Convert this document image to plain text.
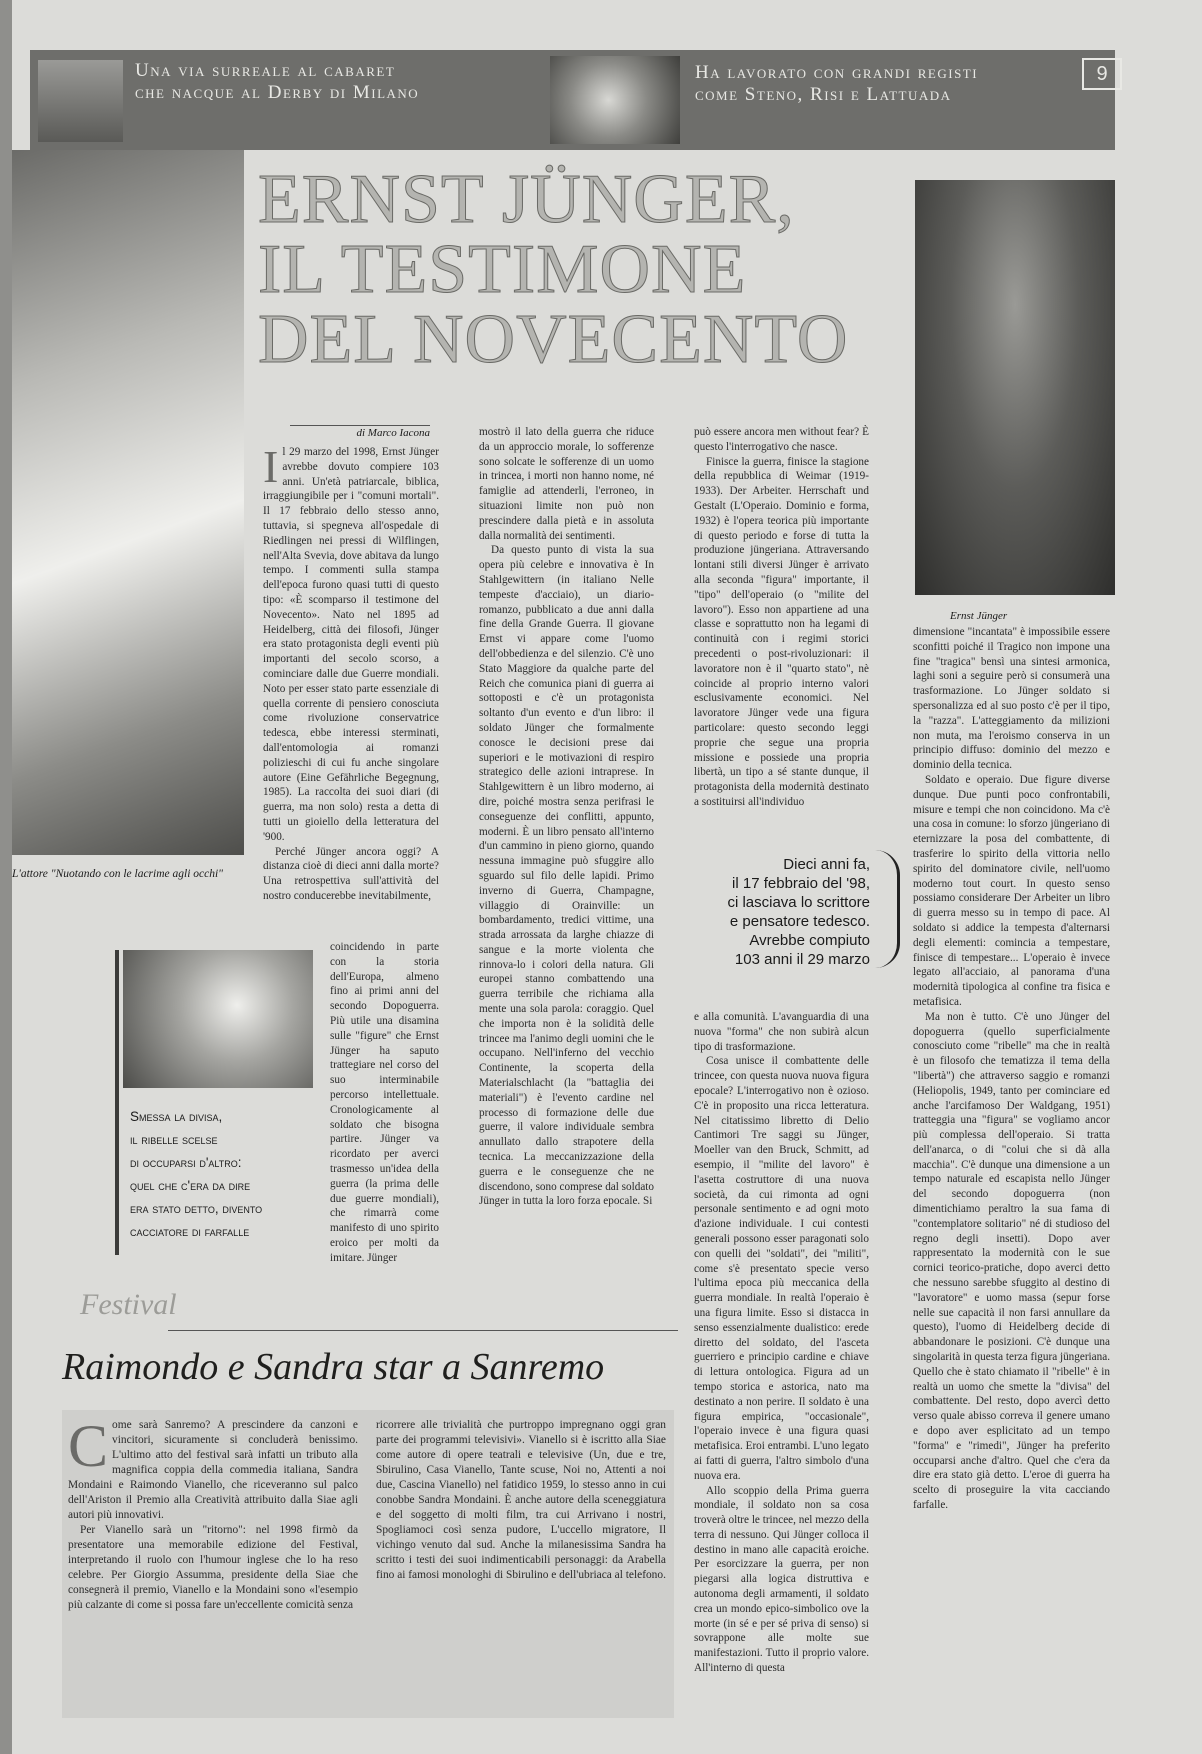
Una via surreale al cabaret
che nacque al Derby di Milano
Ha lavorato con grandi registi
come Steno, Risi e Lattuada
9
L'attore "Nuotando con le lacrime agli occhi"
ERNST JÜNGER,
IL TESTIMONE
DEL NOVECENTO
Ernst Jünger
di Marco Iacona
I l 29 marzo del 1998, Ernst Jünger avrebbe dovuto compiere 103 anni. Un'età patriarcale, biblica, irraggiungibile per i "comuni mortali". Il 17 febbraio dello stesso anno, tuttavia, si spegneva all'ospedale di Riedlingen nei pressi di Wilflingen, nell'Alta Svevia, dove abitava da lungo tempo. I commenti sulla stampa dell'epoca furono quasi tutti di questo tipo: «È scomparso il testimone del Novecento». Nato nel 1895 ad Heidelberg, città dei filosofi, Jünger era stato protagonista degli eventi più importanti del secolo scorso, a cominciare dalle due Guerre mondiali. Noto per esser stato parte essenziale di quella corrente di pensiero conosciuta come rivoluzione conservatrice tedesca, ebbe interessi sterminati, dall'entomologia ai romanzi polizieschi di cui fu anche singolare autore (Eine Gefährliche Begegnung, 1985). La raccolta dei suoi diari (di guerra, ma non solo) resta a detta di tutti un gioiello della letteratura del '900.

Perché Jünger ancora oggi? A distanza cioè di dieci anni dalla morte? Una retrospettiva sull'attività del nostro conducerebbe inevitabilmente,

coincidendo in parte con la storia dell'Europa, almeno fino ai primi anni del secondo Dopoguerra. Più utile una disamina sulle "figure" che Ernst Jünger ha saputo trattegiare nel corso del suo interminabile percorso intellettuale. Cronologicamente al soldato che bisogna partire. Jünger va ricordato per averci trasmesso un'idea della guerra (la prima delle due guerre mondiali), che rimarrà come manifesto di uno spirito eroico per molti da imitare. Jünger
mostrò il lato della guerra che riduce da un approccio morale, lo sofferenze sono solcate le sofferenze di un uomo in trincea, i morti non hanno nome, né famiglie ad attenderli, l'erroneo, in situazioni limite non può non prescindere dalla pietà e in assoluta dalla normalità dei sentimenti.

Da questo punto di vista la sua opera più celebre e innovativa è In Stahlgewittern (in italiano Nelle tempeste d'acciaio), un diario-romanzo, pubblicato a due anni dalla fine della Grande Guerra. Il giovane Ernst vi appare come l'uomo dell'obbedienza e del silenzio. C'è uno Stato Maggiore da qualche parte del Reich che comunica piani di guerra ai sottoposti e c'è un protagonista soltanto d'un evento e d'un libro: il soldato Jünger che formalmente conosce le decisioni prese dai superiori e le motivazioni di respiro strategico delle azioni intraprese. In Stahlgewittern è un libro moderno, ai dire, poiché mostra senza perifrasi le conseguenze dei conflitti, appunto, moderni. È un libro pensato all'interno d'un cammino in pieno giorno, quando nessuna immagine può sfuggire allo sguardo sul filo delle lapidi. Primo inverno di Guerra, Champagne, villaggio di Orainville: un bombardamento, tredici vittime, una strada arrossata da larghe chiazze di sangue e la morte violenta che rinnova-lo i colori della natura. Gli europei stanno combattendo una guerra terribile che richiama alla mente una sola parola: coraggio. Quel che importa non è la solidità delle trincee ma l'animo degli uomini che le occupano. Nell'inferno del vecchio Continente, la scoperta della Materialschlacht (la "battaglia dei materiali") è l'evento cardine nel processo di formazione delle due guerre, il valore individuale sembra annullato dallo strapotere della tecnica. La meccanizzazione della guerra e le conseguenze che ne discendono, sono comprese dal soldato Jünger in tutta la loro forza epocale. Si

può essere ancora men without fear? È questo l'interrogativo che nasce.

Finisce la guerra, finisce la stagione della repubblica di Weimar (1919-1933). Der Arbeiter. Herrschaft und Gestalt (L'Operaio. Dominio e forma, 1932) è l'opera teorica più importante di questo periodo e forse di tutta la produzione jüngeriana. Attraversando lontani stili diversi Jünger è arrivato alla seconda "figura" importante, il "tipo" dell'operaio (o "milite del lavoro"). Esso non appartiene ad una classe e soprattutto non ha legami di continuità con i regimi storici precedenti o post-rivoluzionari: il lavoratore non è il "quarto stato", nè coincide al proprio interno valori esclusivamente economici. Nel lavoratore Jünger vede una figura particolare: questo secondo leggi proprie che segue una propria missione e possiede una propria libertà, un tipo a sé stante dunque, il protagonista della modernità destinato a sostituirsi all'individuo

Dieci anni fa,
il 17 febbraio del '98,
ci lasciava lo scrittore
e pensatore tedesco.
Avrebbe compiuto
103 anni il 29 marzo
e alla comunità. L'avanguardia di una nuova "forma" che non subirà alcun tipo di trasformazione.

Cosa unisce il combattente delle trincee, con questa nuova nuova figura epocale? L'interrogativo non è ozioso. C'è in proposito una ricca letteratura. Nel citatissimo libretto di Delio Cantimori Tre saggi su Jünger, Moeller van den Bruck, Schmitt, ad esempio, il "milite del lavoro" è l'asetta costruttore di una nuova società, da cui rimonta ad ogni personale sentimento e ad ogni moto d'azione individuale. I cui contesti generali possono esser paragonati solo con quelli dei "soldati", dei "militi", come s'è presentato specie verso l'ultima epoca più meccanica della guerra mondiale. In realtà l'operaio è una figura limite. Esso si distacca in senso essenzialmente dualistico: erede diretto del soldato, del l'asceta guerriero e principio cardine e chiave di lettura ontologica. Figura ad un tempo storica e astorica, nato ma destinato a non perire. Il soldato è una figura empirica, "occasionale", l'operaio invece è una figura quasi metafisica. Eroi entrambi. L'uno legato ai fatti di guerra, l'altro simbolo d'una nuova era.

Allo scoppio della Prima guerra mondiale, il soldato non sa cosa troverà oltre le trincee, nel mezzo della terra di nessuno. Qui Jünger colloca il destino in mano alle capacità eroiche. Per esorcizzare la guerra, per non piegarsi alla logica distruttiva e autonoma degli armamenti, il soldato crea un mondo epico-simbolico ove la morte (in sé e per sé priva di senso) si sovrappone alle molte sue manifestazioni. Tutto il proprio valore. All'interno di questa

dimensione "incantata" è impossibile essere sconfitti poiché il Tragico non impone una fine "tragica" bensì una sintesi armonica, laghi soni a seguire però si consumerà una trasformazione. Lo Jünger soldato si spersonalizza ed al suo posto c'è per il tipo, la "razza". L'atteggiamento da milizioni non muta, ma l'eroismo conserva in un principio diffuso: dominio del mezzo e dominio della tecnica.

Soldato e operaio. Due figure diverse dunque. Due punti poco confrontabili, misure e tempi che non coincidono. Ma c'è una cosa in comune: lo sforzo jüngeriano di eternizzare la posa del combattente, di trasferire lo spirito della vittoria nello spirito del dominatore civile, nell'uomo moderno tout court. In questo senso possiamo considerare Der Arbeiter un libro di guerra messo su in tempo di pace. Al soldato si addice la tempesta d'alternarsi degli elementi: comincia a tempestare, finisce di tempestare... L'operaio è invece legato all'acciaio, al panorama d'una modernità tipologica al confine tra fisica e metafisica.

Ma non è tutto. C'è uno Jünger del dopoguerra (quello superficialmente conosciuto come "ribelle" ma che in realtà è un filosofo che tematizza il tema della "libertà") che attraverso saggio e romanzi (Heliopolis, 1949, tanto per cominciare ed anche l'arcifamoso Der Waldgang, 1951) tratteggia una "figura" se vogliamo ancor più complessa dell'operaio. Si tratta dell'anarca, o di "colui che si dà alla macchia". C'è dunque una dimensione a un tempo naturale ed escapista nello Jünger del secondo dopoguerra (non dimentichiamo peraltro la sua fama di "contemplatore solitario" né di studioso del regno degli insetti). Dopo aver rappresentato la modernità con le sue cornici teorico-pratiche, dopo averci detto che nessuno sarebbe sfuggito al destino di "lavoratore" e uomo massa (sepur forse nelle sue capacità il non farsi annullare da questo), l'uomo di Heidelberg decide di abbandonare le posizioni. C'è dunque una singolarità in questa terza figura jüngeriana. Quello che è stato chiamato il "ribelle" è in realtà un uomo che smette la "divisa" del combattente. Del resto, dopo avercì detto verso quale abisso correva il genere umano e dopo aver esplicitato ad un tempo "forma" e "rimedi", Jünger ha preferito occuparsi anche d'altro. Quel che c'era da dire era stato già detto. L'eroe di guerra ha scelto di proseguire la vita cacciando farfalle.

Smessa la divisa,
il ribelle scelse
di occuparsi d'altro:
quel che c'era da dire
era stato detto, divento
cacciatore di farfalle
Festival
Raimondo e Sandra star a Sanremo
C ome sarà Sanremo? A prescindere da canzoni e vincitori, sicuramente si concluderà benissimo. L'ultimo atto del festival sarà infatti un tributo alla magnifica coppia della commedia italiana, Sandra Mondaini e Raimondo Vianello, che riceveranno sul palco dell'Ariston il Premio alla Creatività attribuito dalla Siae agli autori più innovativi.

Per Vianello sarà un "ritorno": nel 1998 firmò da presentatore una memorabile edizione del Festival, interpretando il ruolo con l'humour inglese che lo ha reso celebre. Per Giorgio Assumma, presidente della Siae che consegnerà il premio, Vianello e la Mondaini sono «l'esempio più calzante di come si possa fare un'eccellente comicità senza

ricorrere alle trivialità che purtroppo impregnano oggi gran parte dei programmi televisivi». Vianello si è iscritto alla Siae come autore di opere teatrali e televisive (Un, due e tre, Sbirulino, Casa Vianello, Tante scuse, Noi no, Attenti a noi due, Cascina Vianello) nel fatidico 1959, lo stesso anno in cui conobbe Sandra Mondaini. È anche autore della sceneggiatura e del soggetto di molti film, tra cui Arrivano i nostri, Spogliamoci così senza pudore, L'uccello migratore, Il vichingo venuto dal sud. Anche la milanesissima Sandra ha scritto i testi dei suoi indimenticabili personaggi: da Arabella fino ai famosi monologhi di Sbirulino e dell'ubriaca al telefono.
